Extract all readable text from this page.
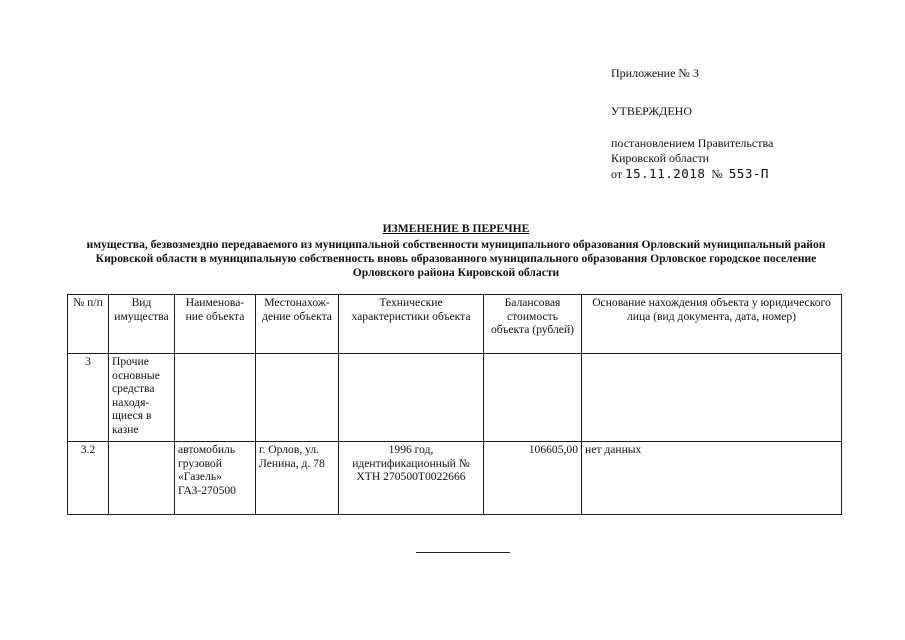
Приложение № 3
УТВЕРЖДЕНО
постановлением Правительства
Кировской области
от 15.11.2018 № 553-П
ИЗМЕНЕНИЕ В ПЕРЕЧНЕ
имущества, безвозмездно передаваемого из муниципальной собственности муниципального образования Орловский муниципальный район Кировской области в муниципальную собственность вновь образованного муниципального образования Орловское городское поселение Орловского района Кировской области
№ п/п	Вид имущества	Наименова-ние объекта	Местонахож-дение объекта	Технические характеристики объекта	Балансовая стоимость объекта (рублей)	Основание нахождения объекта у юридического лица (вид документа, дата, номер)
3	Прочие основные средства находя-щиеся в казне					
3.2		автомобиль грузовой «Газель» ГАЗ-270500	г. Орлов, ул. Ленина, д. 78	1996 год, идентификационный № XTH 270500T0022666	106605,00	нет данных
